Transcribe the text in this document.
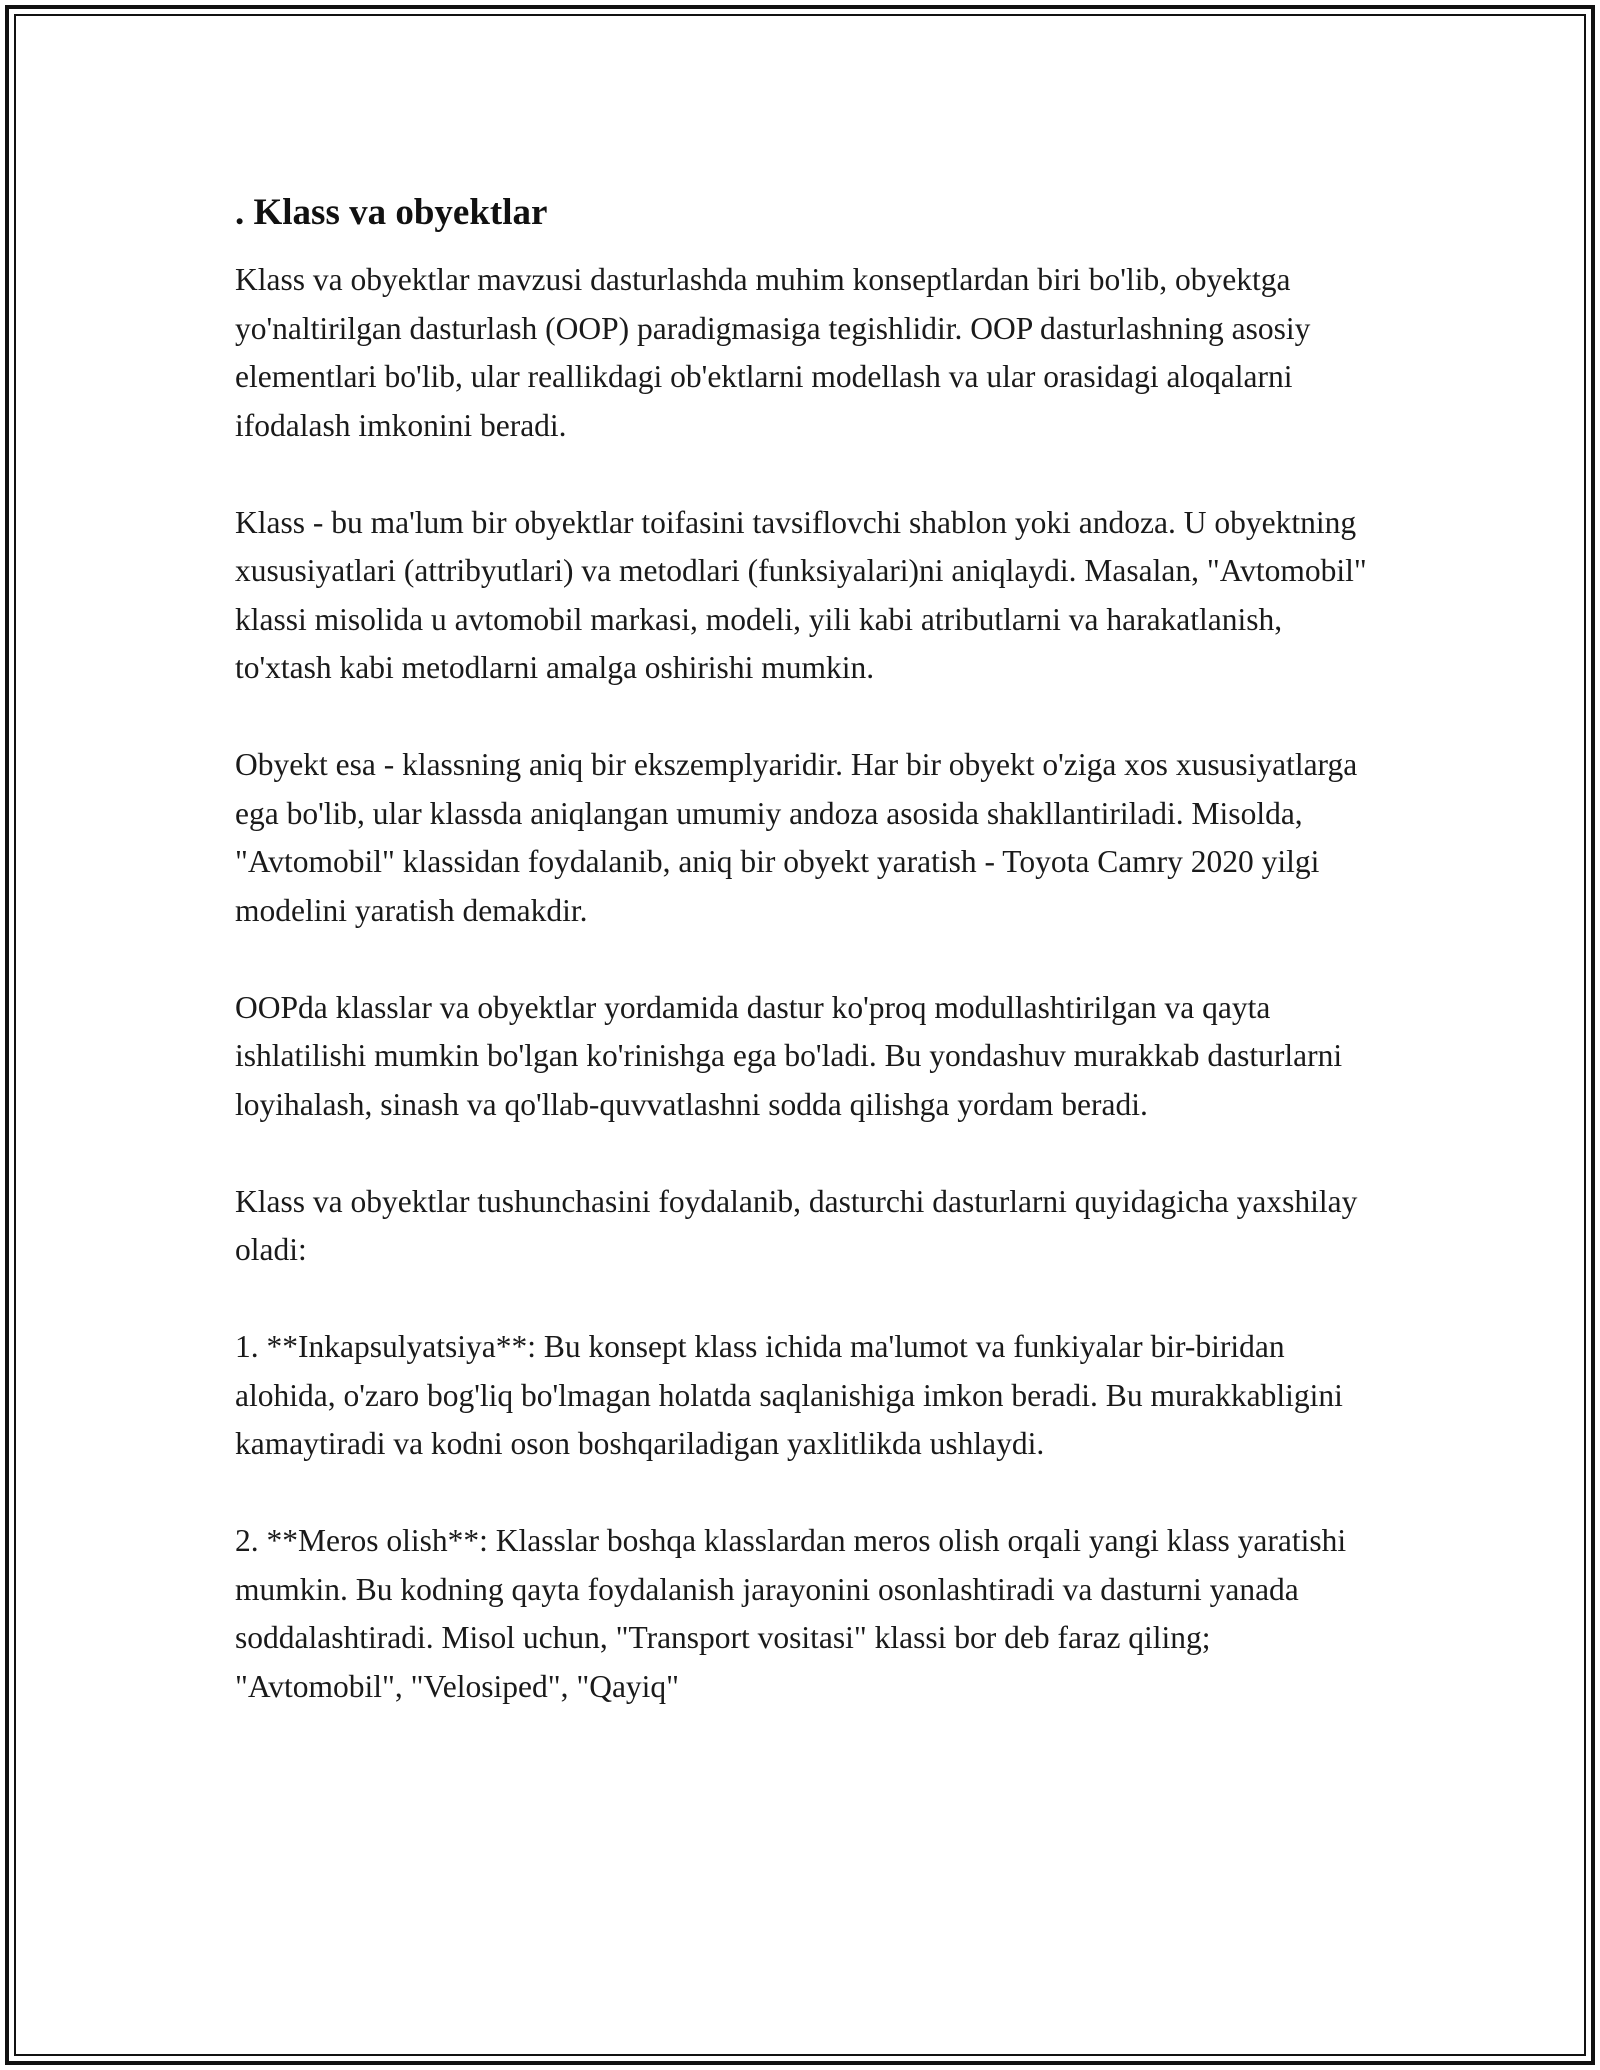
. Klass va obyektlar

Klass va obyektlar mavzusi dasturlashda muhim konseptlardan biri bo'lib, obyektga yo'naltirilgan dasturlash (OOP) paradigmasiga tegishlidir. OOP dasturlashning asosiy elementlari bo'lib, ular reallikdagi ob'ektlarni modellash va ular orasidagi aloqalarni ifodalash imkonini beradi.

Klass - bu ma'lum bir obyektlar toifasini tavsiflovchi shablon yoki andoza. U obyektning xususiyatlari (attribyutlari) va metodlari (funksiyalari)ni aniqlaydi. Masalan, "Avtomobil" klassi misolida u avtomobil markasi, modeli, yili kabi atributlarni va harakatlanish, to'xtash kabi metodlarni amalga oshirishi mumkin.

Obyekt esa - klassning aniq bir ekszemplyaridir. Har bir obyekt o'ziga xos xususiyatlarga ega bo'lib, ular klassda aniqlangan umumiy andoza asosida shakllantiriladi. Misolda, "Avtomobil" klassidan foydalanib, aniq bir obyekt yaratish - Toyota Camry 2020 yilgi modelini yaratish demakdir.

OOPda klasslar va obyektlar yordamida dastur ko'proq modullashtirilgan va qayta ishlatilishi mumkin bo'lgan ko'rinishga ega bo'ladi. Bu yondashuv murakkab dasturlarni loyihalash, sinash va qo'llab-quvvatlashni sodda qilishga yordam beradi.

Klass va obyektlar tushunchasini foydalanib, dasturchi dasturlarni quyidagicha yaxshilay oladi:

1. **Inkapsulyatsiya**: Bu konsept klass ichida ma'lumot va funkiyalar bir-biridan alohida, o'zaro bog'liq bo'lmagan holatda saqlanishiga imkon beradi. Bu murakkabligini kamaytiradi va kodni oson boshqariladigan yaxlitlikda ushlaydi.

2. **Meros olish**: Klasslar boshqa klasslardan meros olish orqali yangi klass yaratishi mumkin. Bu kodning qayta foydalanish jarayonini osonlashtiradi va dasturni yanada soddalashtiradi. Misol uchun, "Transport vositasi" klassi bor deb faraz qiling; "Avtomobil", "Velosiped", "Qayiq"
